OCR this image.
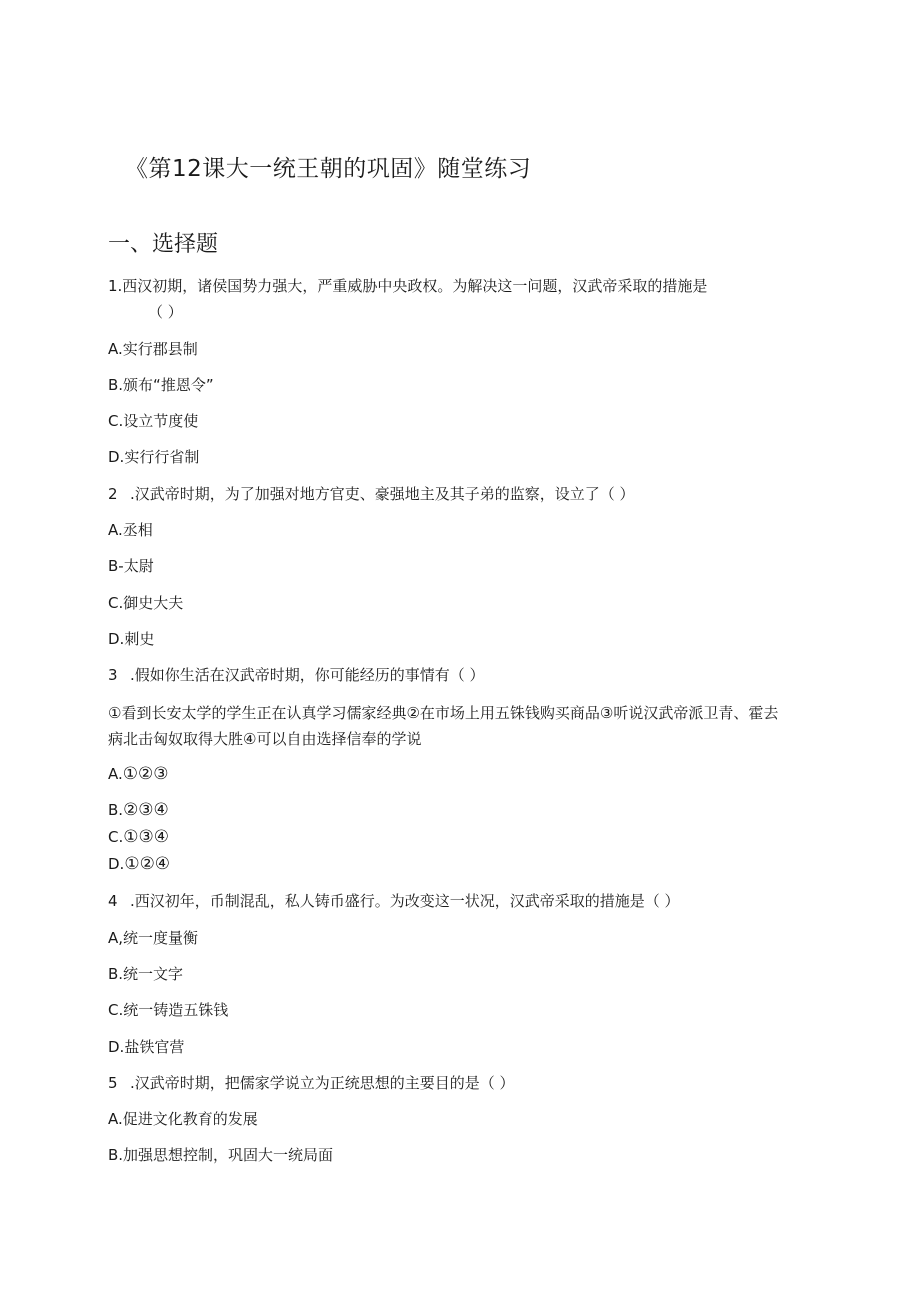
《第12课大一统王朝的巩固》随堂练习
一、选择题
1.西汉初期，诸侯国势力强大，严重威胁中央政权。为解决这一问题，汉武帝采取的措施是
（ ）
A.实行郡县制
B.颁布“推恩令”
C.设立节度使
D.实行行省制
2 .汉武帝时期，为了加强对地方官吏、豪强地主及其子弟的监察，设立了（ ）
A.丞相
B-太尉
C.御史大夫
D.刺史
3 .假如你生活在汉武帝时期，你可能经历的事情有（ ）
①看到长安太学的学生正在认真学习儒家经典②在市场上用五铢钱购买商品③听说汉武帝派卫青、霍去
病北击匈奴取得大胜④可以自由选择信奉的学说
A.①②③
B.②③④
C.①③④
D.①②④
4 .西汉初年，币制混乱，私人铸币盛行。为改变这一状况，汉武帝采取的措施是（ ）
A,统一度量衡
B.统一文字
C.统一铸造五铢钱
D.盐铁官营
5 .汉武帝时期，把儒家学说立为正统思想的主要目的是（ ）
A.促进文化教育的发展
B.加强思想控制，巩固大一统局面
